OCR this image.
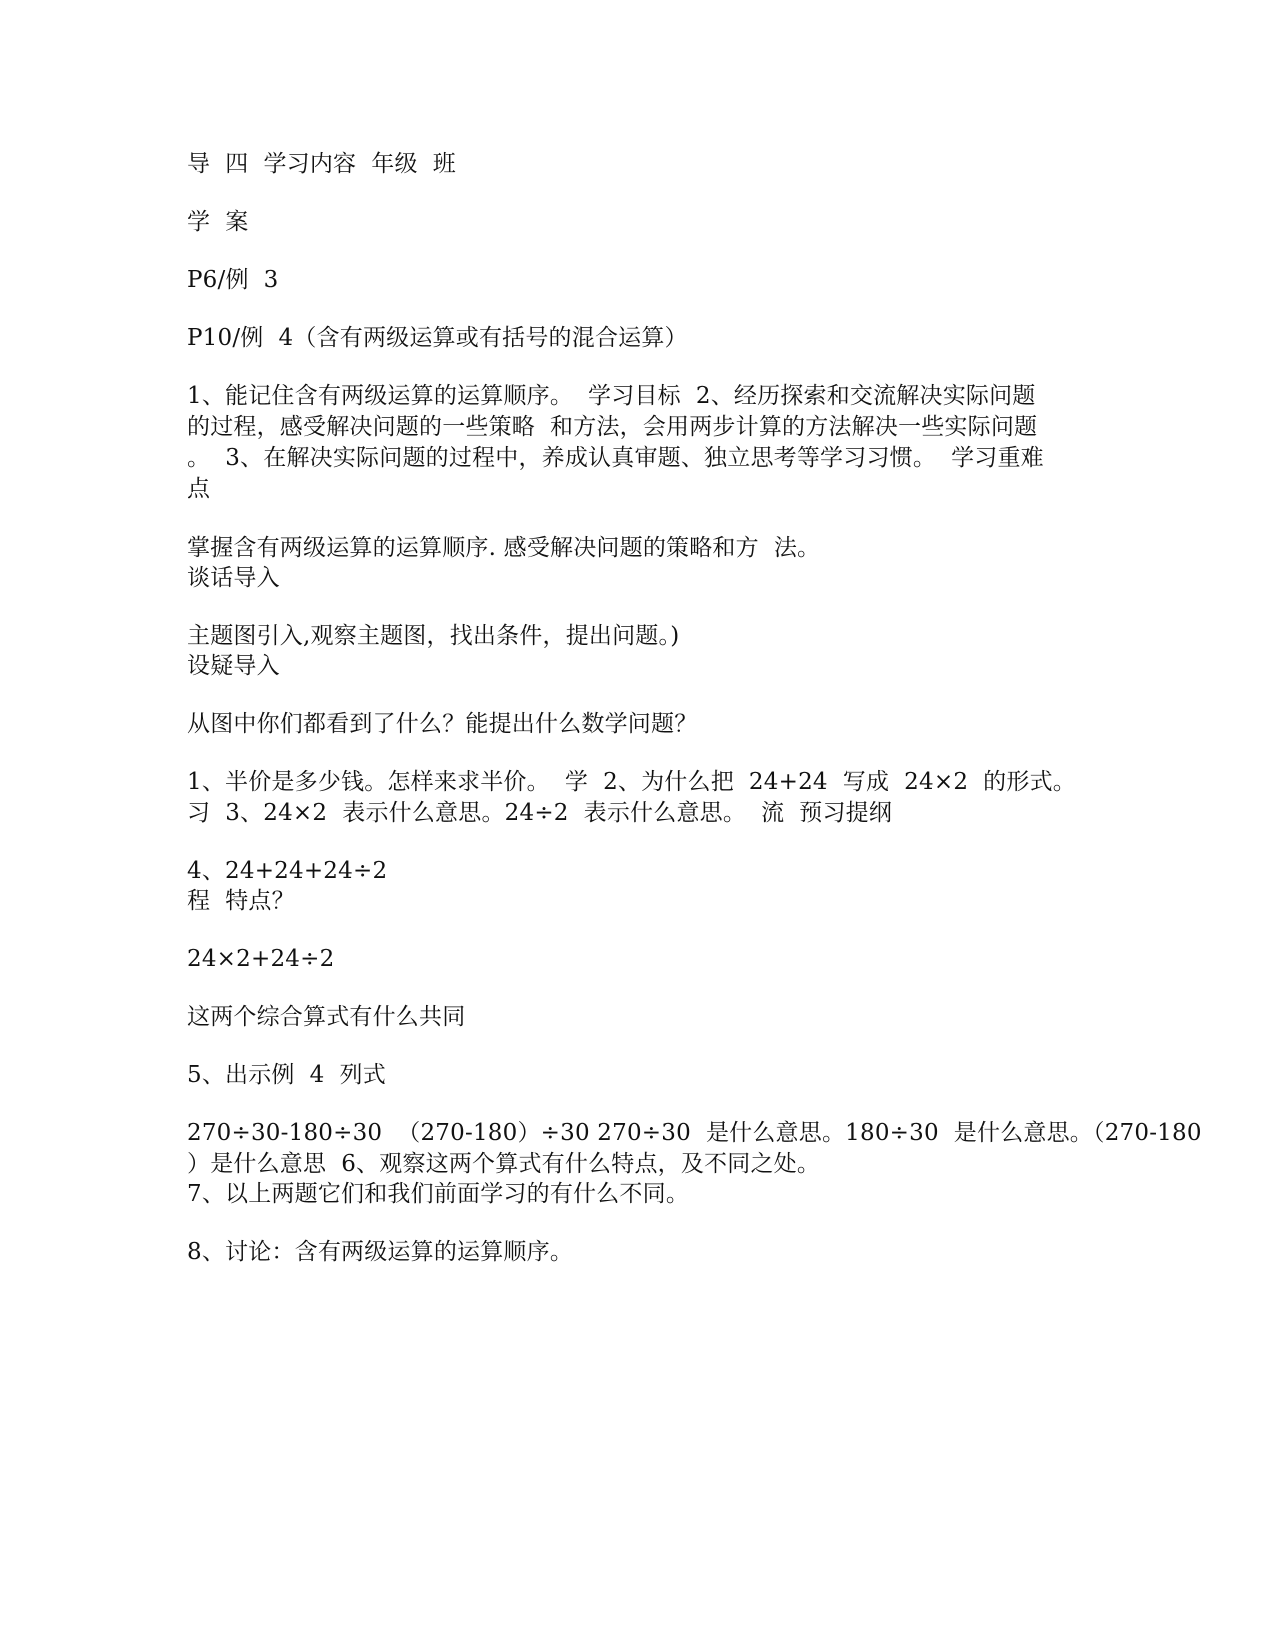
导  四  学习内容  年级  班
学  案
P6/例  3
P10/例  4（含有两级运算或有括号的混合运算）
1、能记住含有两级运算的运算顺序。  学习目标  2、经历探索和交流解决实际问题
的过程，感受解决问题的一些策略  和方法，会用两步计算的方法解决一些实际问题
。  3、在解决实际问题的过程中，养成认真审题、独立思考等学习习惯。  学习重难
点
掌握含有两级运算的运算顺序. 感受解决问题的策略和方  法。
谈话导入
主题图引入,观察主题图，找出条件，提出问题。)
设疑导入
从图中你们都看到了什么？能提出什么数学问题？
1、半价是多少钱。怎样来求半价。  学  2、为什么把  24+24  写成  24×2  的形式。
习  3、24×2  表示什么意思。24÷2  表示什么意思。  流  预习提纲
4、24+24+24÷2
程  特点？
24×2+24÷2
这两个综合算式有什么共同
5、出示例  4  列式
270÷30-180÷30  （270-180）÷30 270÷30  是什么意思。180÷30  是什么意思。（270-180
）是什么意思  6、观察这两个算式有什么特点，及不同之处。
7、以上两题它们和我们前面学习的有什么不同。
8、讨论：含有两级运算的运算顺序。
